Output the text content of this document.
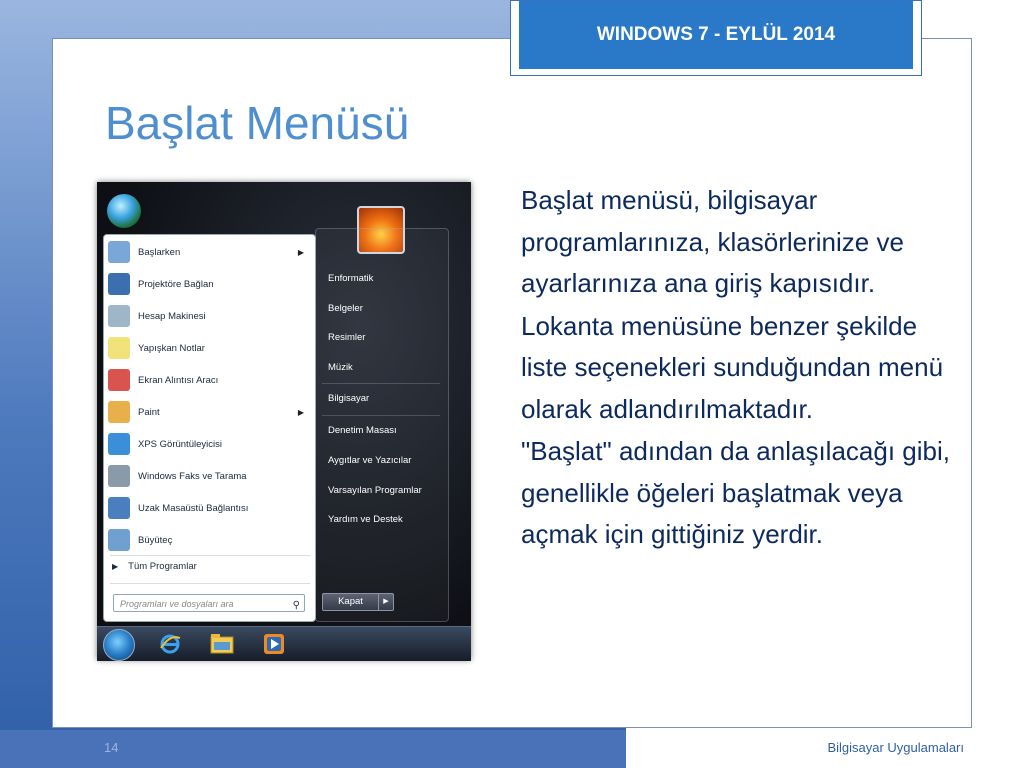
WINDOWS 7 - EYLÜL 2014
Başlat Menüsü
Başlarken	▶
Projektöre Bağlan
Hesap Makinesi
Yapışkan Notlar
Ekran Alıntısı Aracı
Paint	▶
XPS Görüntüleyicisi
Windows Faks ve Tarama
Uzak Masaüstü Bağlantısı
Büyüteç
▶ Tüm Programlar
Programları ve dosyaları ara	⚲
Enformatik
Belgeler
Resimler
Müzik
Bilgisayar
Denetim Masası
Aygıtlar ve Yazıcılar
Varsayılan Programlar
Yardım ve Destek
Kapat	▶

Başlat menüsü, bilgisayar programlarınıza, klasörlerinize ve ayarlarınıza ana giriş kapısıdır.

Lokanta menüsüne benzer şekilde liste seçenekleri sunduğundan menü olarak adlandırılmaktadır.

"Başlat" adından da anlaşılacağı gibi, genellikle öğeleri başlatmak veya açmak için gittiğiniz yerdir.

14	Bilgisayar Uygulamaları
